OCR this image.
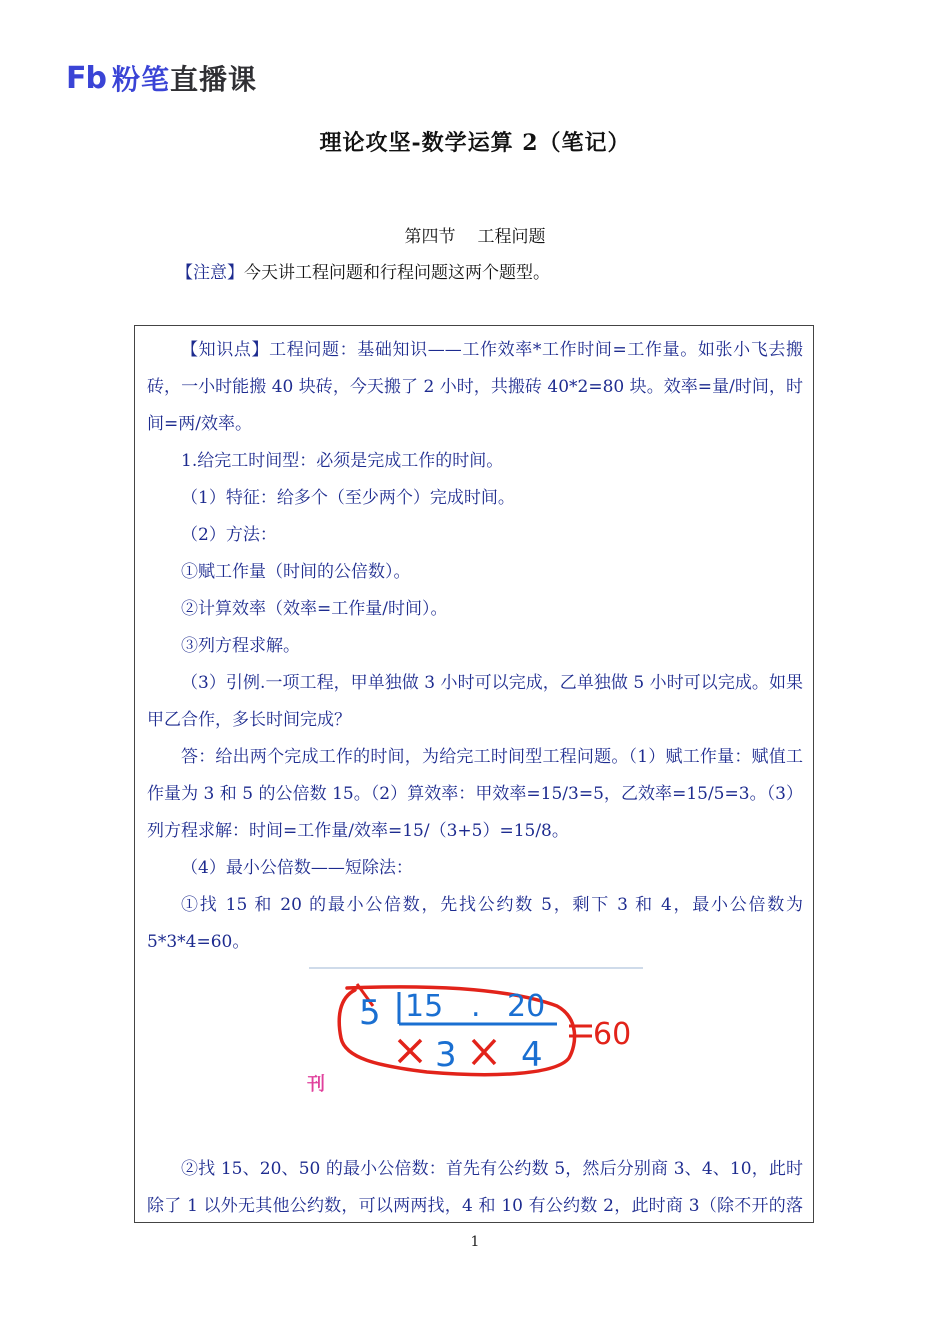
Fb 粉笔直播课
理论攻坚-数学运算 2（笔记）
第四节 工程问题
【注意】今天讲工程问题和行程问题这两个题型。

【知识点】工程问题：基础知识——工作效率*工作时间=工作量。如张小飞去搬砖，一小时能搬 40 块砖，今天搬了 2 小时，共搬砖 40*2=80 块。效率=量/时间，时间=两/效率。

1.给完工时间型：必须是完成工作的时间。

（1）特征：给多个（至少两个）完成时间。

（2）方法：

①赋工作量（时间的公倍数）。

②计算效率（效率=工作量/时间）。

③列方程求解。

（3）引例.一项工程，甲单独做 3 小时可以完成，乙单独做 5 小时可以完成。如果甲乙合作，多长时间完成？

答：给出两个完成工作的时间，为给完工时间型工程问题。（1）赋工作量：赋值工作量为 3 和 5 的公倍数 15。（2）算效率：甲效率=15/3=5，乙效率=15/5=3。（3）列方程求解：时间=工作量/效率=15/（3+5）=15/8。

（4）最小公倍数——短除法：

①找 15 和 20 的最小公倍数，先找公约数 5，剩下 3 和 4，最小公倍数为 5*3*4=60。

②找 15、20、50 的最小公倍数：首先有公约数 5，然后分别商 3、4、10，此时除了 1 以外无其他公约数，可以两两找，4 和 10 有公约数 2，此时商 3（除不开的落

5 15 . 20
3 4
60
刊
1
